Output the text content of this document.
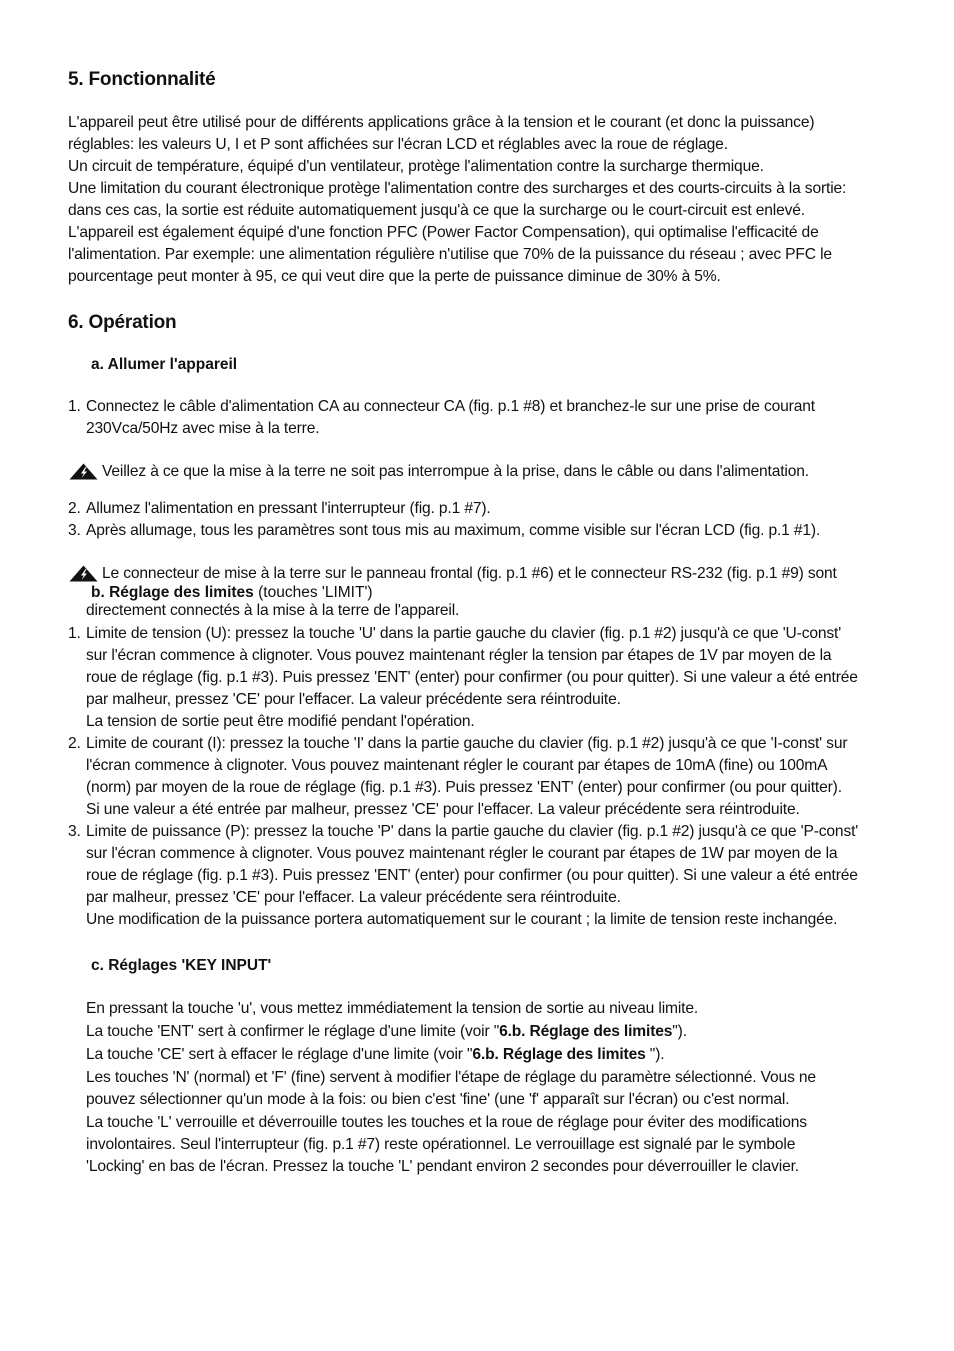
5. Fonctionnalité

L'appareil peut être utilisé pour de différents applications grâce à la tension et le courant (et donc la puissance)

réglables: les valeurs U, I et P sont affichées sur l'écran LCD et réglables avec la roue de réglage.

Un circuit de température, équipé d'un ventilateur, protège l'alimentation contre la surcharge thermique.

Une limitation du courant électronique protège l'alimentation contre des surcharges et des courts-circuits à la sortie:

dans ces cas, la sortie est réduite automatiquement jusqu'à ce que la surcharge ou le court-circuit est enlevé.

L'appareil est également équipé d'une fonction PFC (Power Factor Compensation), qui optimalise l'efficacité de

l'alimentation. Par exemple: une alimentation régulière n'utilise que 70% de la puissance du réseau ; avec PFC le

pourcentage peut monter à 95, ce qui veut dire que la perte de puissance diminue de 30% à 5%.

6. Opération
a. Allumer l'appareil
1. Connectez le câble d'alimentation CA au connecteur CA (fig. p.1 #8) et branchez-le sur une prise de courant

230Vca/50Hz avec mise à la terre.

Veillez à ce que la mise à la terre ne soit pas interrompue à la prise, dans le câble ou dans l'alimentation.

2. Allumez l'alimentation en pressant l'interrupteur (fig. p.1 #7).

3. Après allumage, tous les paramètres sont tous mis au maximum, comme visible sur l'écran LCD (fig. p.1 #1).

Le connecteur de mise à la terre sur le panneau frontal (fig. p.1 #6) et le connecteur RS-232 (fig. p.1 #9) sont

directement connectés à la mise à la terre de l'appareil.

b. Réglage des limites (touches 'LIMIT')
1. Limite de tension (U): pressez la touche 'U' dans la partie gauche du clavier (fig. p.1 #2) jusqu'à ce que 'U-const'

sur l'écran commence à clignoter. Vous pouvez maintenant régler la tension par étapes de 1V par moyen de la

roue de réglage (fig. p.1 #3). Puis pressez 'ENT' (enter) pour confirmer (ou pour quitter). Si une valeur a été entrée

par malheur, pressez 'CE' pour l'effacer. La valeur précédente sera réintroduite.

La tension de sortie peut être modifié pendant l'opération.

2. Limite de courant (I): pressez la touche 'I' dans la partie gauche du clavier (fig. p.1 #2) jusqu'à ce que 'I-const' sur

l'écran commence à clignoter. Vous pouvez maintenant régler le courant par étapes de 10mA (fine) ou 100mA

(norm) par moyen de la roue de réglage (fig. p.1 #3). Puis pressez 'ENT' (enter) pour confirmer (ou pour quitter).

Si une valeur a été entrée par malheur, pressez 'CE' pour l'effacer. La valeur précédente sera réintroduite.

3. Limite de puissance (P): pressez la touche 'P' dans la partie gauche du clavier (fig. p.1 #2) jusqu'à ce que 'P-const'

sur l'écran commence à clignoter. Vous pouvez maintenant régler le courant par étapes de 1W par moyen de la

roue de réglage (fig. p.1 #3). Puis pressez 'ENT' (enter) pour confirmer (ou pour quitter). Si une valeur a été entrée

par malheur, pressez 'CE' pour l'effacer. La valeur précédente sera réintroduite.

Une modification de la puissance portera automatiquement sur le courant ; la limite de tension reste inchangée.

c. Réglages 'KEY INPUT'

En pressant la touche 'u', vous mettez immédiatement la tension de sortie au niveau limite.

La touche 'ENT' sert à confirmer le réglage d'une limite (voir "6.b. Réglage des limites").

La touche 'CE' sert à effacer le réglage d'une limite (voir "6.b. Réglage des limites ").

Les touches 'N' (normal) et 'F' (fine) servent à modifier l'étape de réglage du paramètre sélectionné. Vous ne

pouvez sélectionner qu'un mode à la fois: ou bien c'est 'fine' (une 'f' apparaît sur l'écran) ou c'est normal.

La touche 'L' verrouille et déverrouille toutes les touches et la roue de réglage pour éviter des modifications

involontaires. Seul l'interrupteur (fig. p.1 #7) reste opérationnel. Le verrouillage est signalé par le symbole

'Locking' en bas de l'écran. Pressez la touche 'L' pendant environ 2 secondes pour déverrouiller le clavier.
